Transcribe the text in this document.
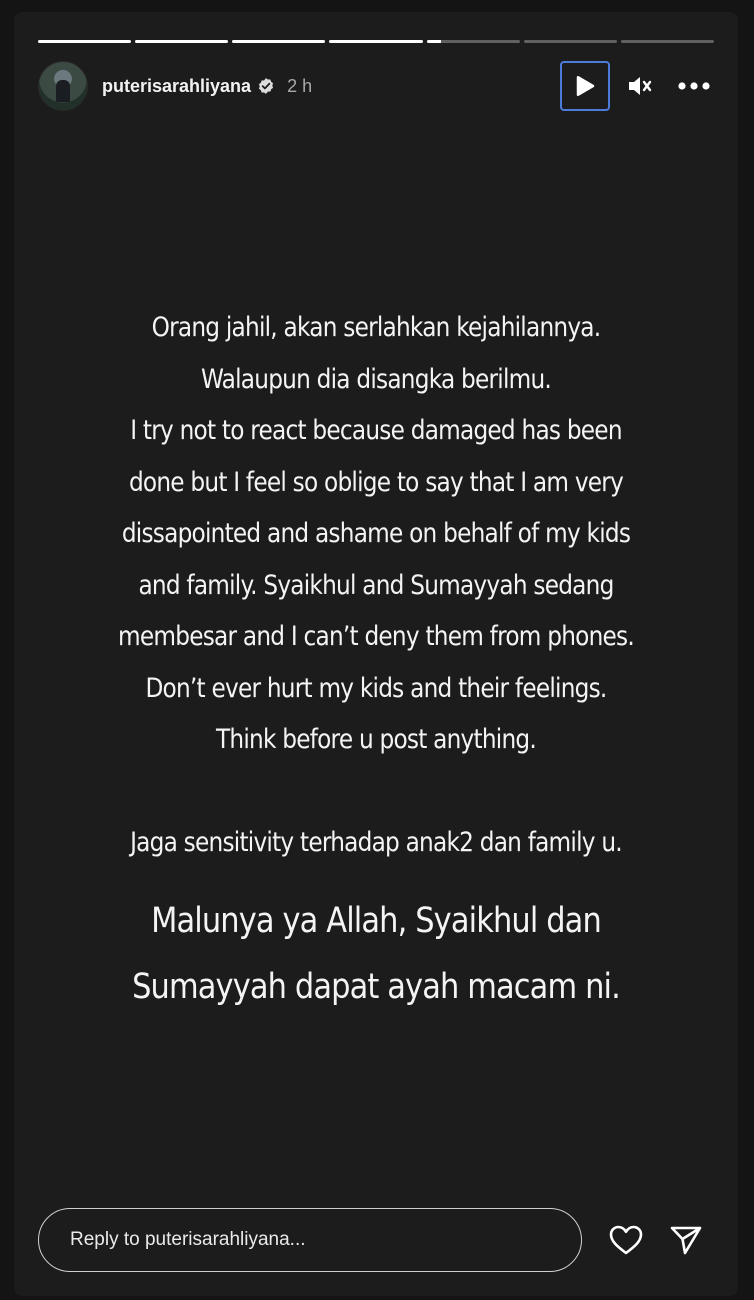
puterisarahliyana 2 h
Orang jahil, akan serlahkan kejahilannya.
Walaupun dia disangka berilmu.
I try not to react because damaged has been
done but I feel so oblige to say that I am very
dissapointed and ashame on behalf of my kids
and family. Syaikhul and Sumayyah sedang
membesar and I can’t deny them from phones.
Don’t ever hurt my kids and their feelings.
Think before u post anything.
Jaga sensitivity terhadap anak2 dan family u.
Malunya ya Allah, Syaikhul dan
Sumayyah dapat ayah macam ni.
Reply to puterisarahliyana...
